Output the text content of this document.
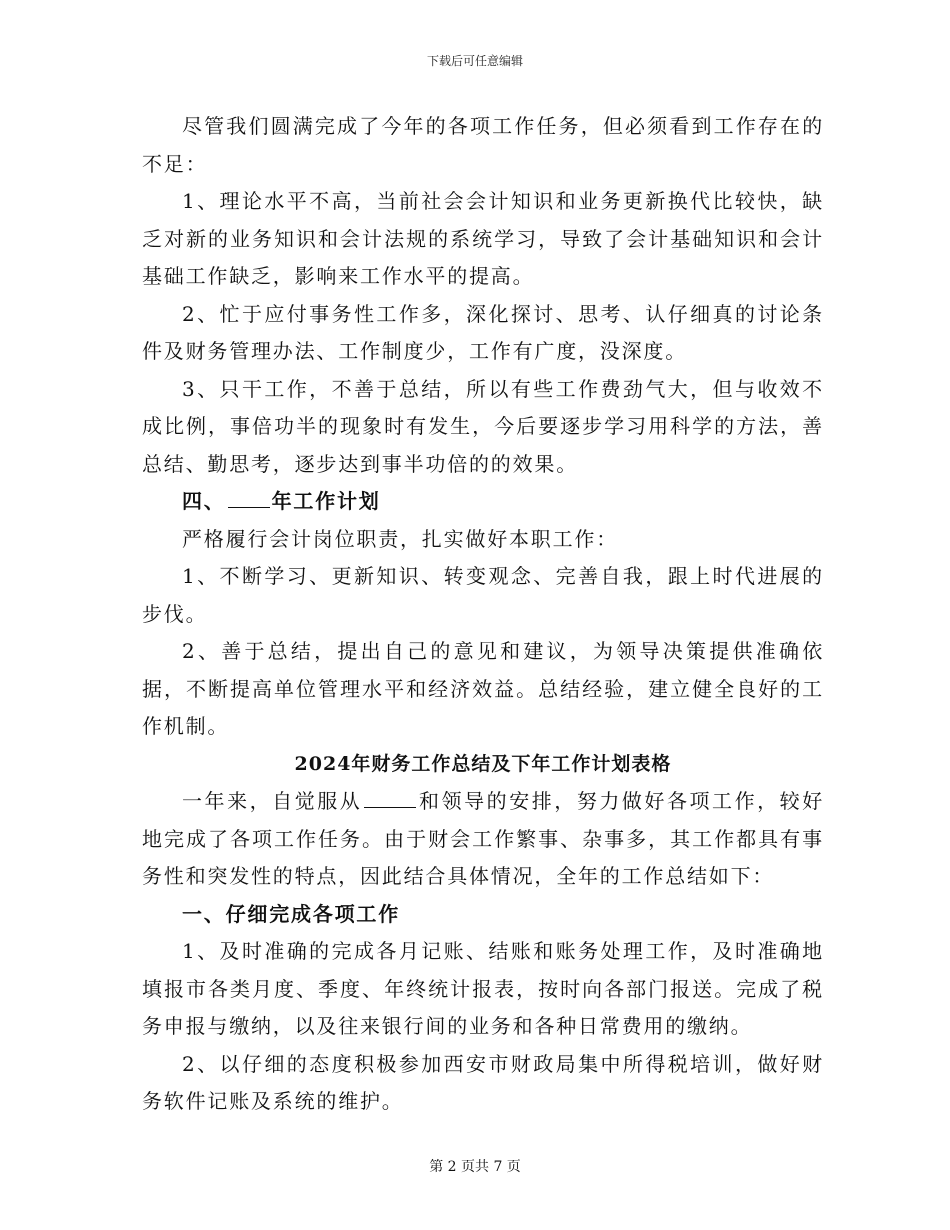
下载后可任意编辑

尽管我们圆满完成了今年的各项工作任务，但必须看到工作存在的不足：

1、理论水平不高，当前社会会计知识和业务更新换代比较快，缺乏对新的业务知识和会计法规的系统学习，导致了会计基础知识和会计基础工作缺乏，影响来工作水平的提高。

2、忙于应付事务性工作多，深化探讨、思考、认仔细真的讨论条件及财务管理办法、工作制度少，工作有广度，没深度。

3、只干工作，不善于总结，所以有些工作费劲气大，但与收效不成比例，事倍功半的现象时有发生，今后要逐步学习用科学的方法，善总结、勤思考，逐步达到事半功倍的的效果。

四、 年工作计划

严格履行会计岗位职责，扎实做好本职工作：

1、不断学习、更新知识、转变观念、完善自我，跟上时代进展的步伐。

2、善于总结，提出自己的意见和建议，为领导决策提供准确依据，不断提高单位管理水平和经济效益。总结经验，建立健全良好的工作机制。

2024年财务工作总结及下年工作计划表格

一年来，自觉服从	和领导的安排，努力做好各项工作，较好地完成了各项工作任务。由于财会工作繁事、杂事多，其工作都具有事务性和突发性的特点，因此结合具体情况，全年的工作总结如下：

一、仔细完成各项工作

1、及时准确的完成各月记账、结账和账务处理工作，及时准确地填报市各类月度、季度、年终统计报表，按时向各部门报送。完成了税务申报与缴纳，以及往来银行间的业务和各种日常费用的缴纳。

2、以仔细的态度积极参加西安市财政局集中所得税培训，做好财务软件记账及系统的维护。

第 2 页共 7 页
